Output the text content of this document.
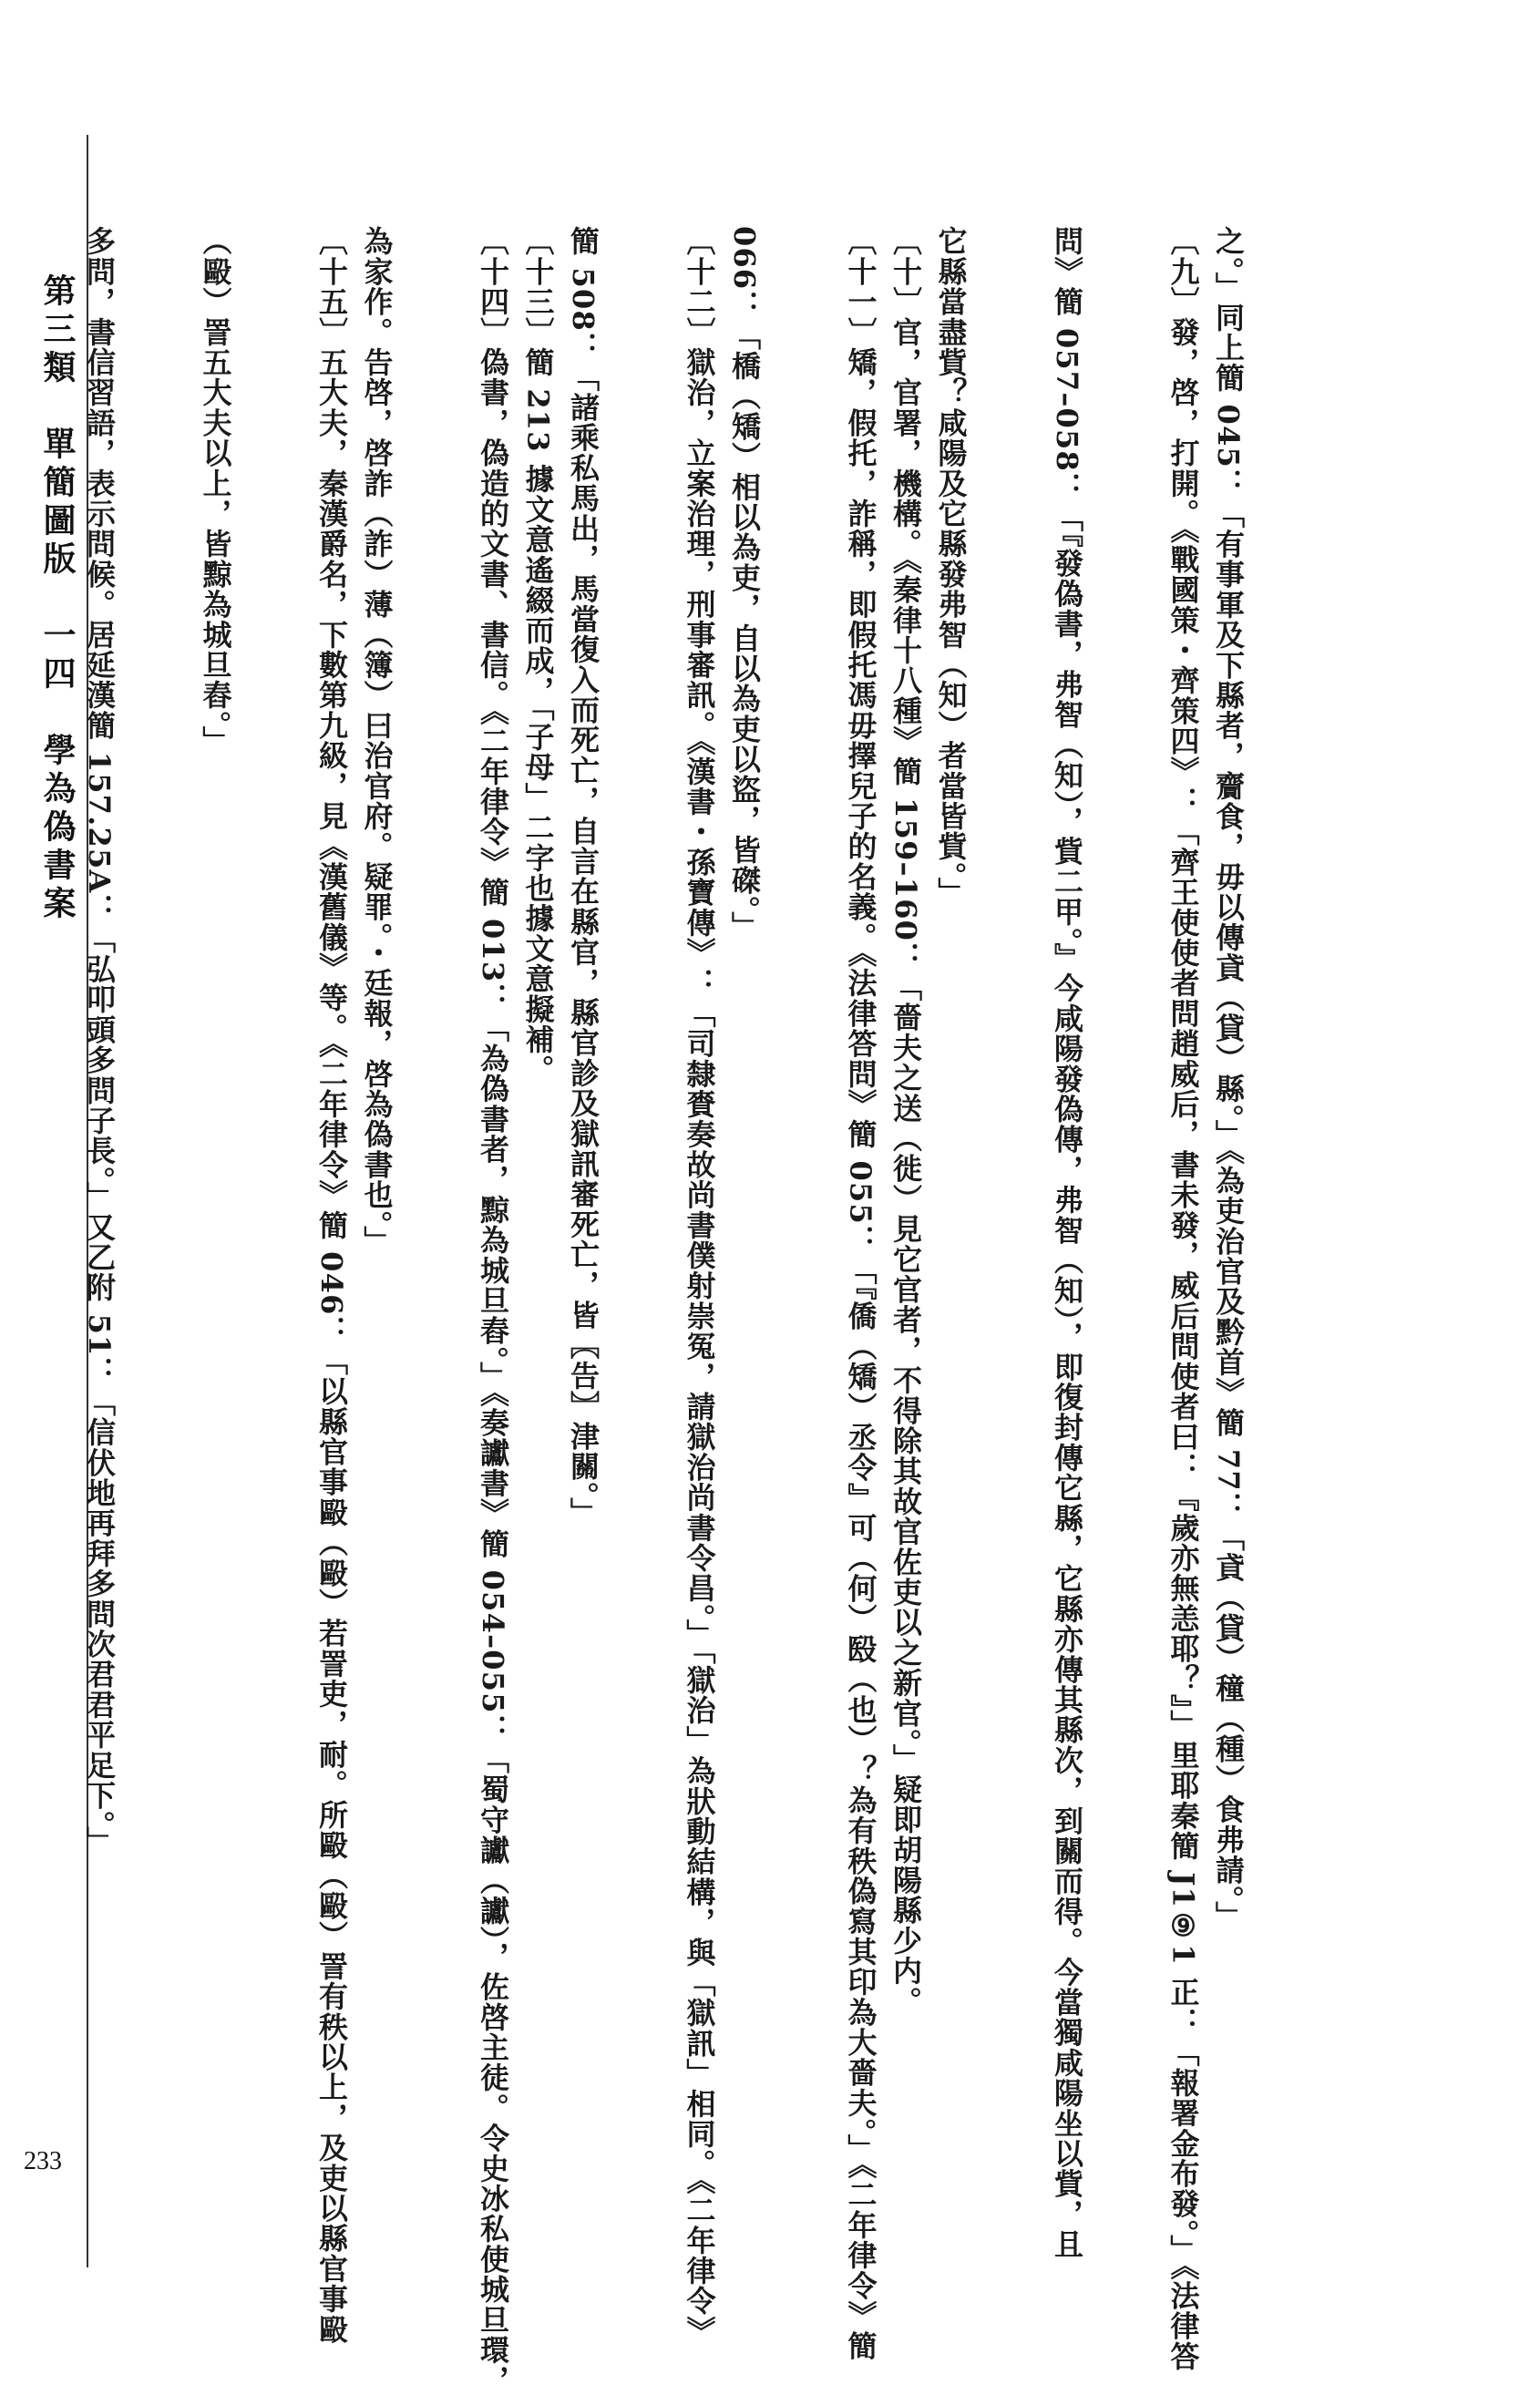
第三類　單簡圖版　一四　學為偽書案
233
之。」同上簡 045：「有事軍及下縣者，齎食，毋以傳貣（貸）縣。」《為吏治官及黔首》簡 77：「貣（貸）穜（種）食弗請。」
〔九〕發，啓，打開。《戰國策・齊策四》：「齊王使使者問趙威后，書未發，威后問使者曰：『歲亦無恙耶？』」里耶秦簡 J1⑨1 正：「報署金布發。」《法律答
問》簡 057–058：「『發偽書，弗智（知），貲二甲。』今咸陽發偽傳，弗智（知），即復封傳它縣，它縣亦傳其縣次，到關而得。今當獨咸陽坐以貲，且
它縣當盡貲？咸陽及它縣發弗智（知）者當皆貲。」
〔十〕官，官署，機構。《秦律十八種》簡 159–160：「嗇夫之送（徙）見它官者，不得除其故官佐吏以之新官。」疑即胡陽縣少内。
〔十一〕矯，假托，詐稱，即假托馮毋擇兒子的名義。《法律答問》簡 055：「『僑（矯）丞令』可（何）殹（也）？為有秩偽寫其印為大嗇夫。」《二年律令》簡
066：「橋（矯）相以為吏，自以為吏以盜，皆磔。」
〔十二〕獄治，立案治理，刑事審訊。《漢書・孫寶傳》：「司隸賚奏故尚書僕射崇冤，請獄治尚書令昌。」「獄治」為狀動結構，與「獄訊」相同。《二年律令》
簡 508：「諸乘私馬出，馬當復入而死亡，自言在縣官，縣官診及獄訊審死亡，皆〖告〗津關。」
〔十三〕簡 213 據文意遙綴而成，「子母」二字也據文意擬補。
〔十四〕偽書，偽造的文書、書信。《二年律令》簡 013：「為偽書者，黥為城旦舂。」《奏讞書》簡 054–055：「蜀守讞（讞），佐啓主徒。令史冰私使城旦環，
為家作。告啓，啓詐（詐）薄（簿）曰治官府。疑罪。・廷報，啓為偽書也。」
〔十五〕五大夫，秦漢爵名，下數第九級，見《漢舊儀》等。《二年律令》簡 046：「以縣官事毆（毆）若詈吏，耐。所毆（毆）詈有秩以上，及吏以縣官事毆
（毆）詈五大夫以上，皆黥為城旦舂。」
多問，書信習語，表示問候。居延漢簡 157.25A：「弘叩頭多問子長。」又乙附 51：「信伏地再拜多問次君君平足下。」
